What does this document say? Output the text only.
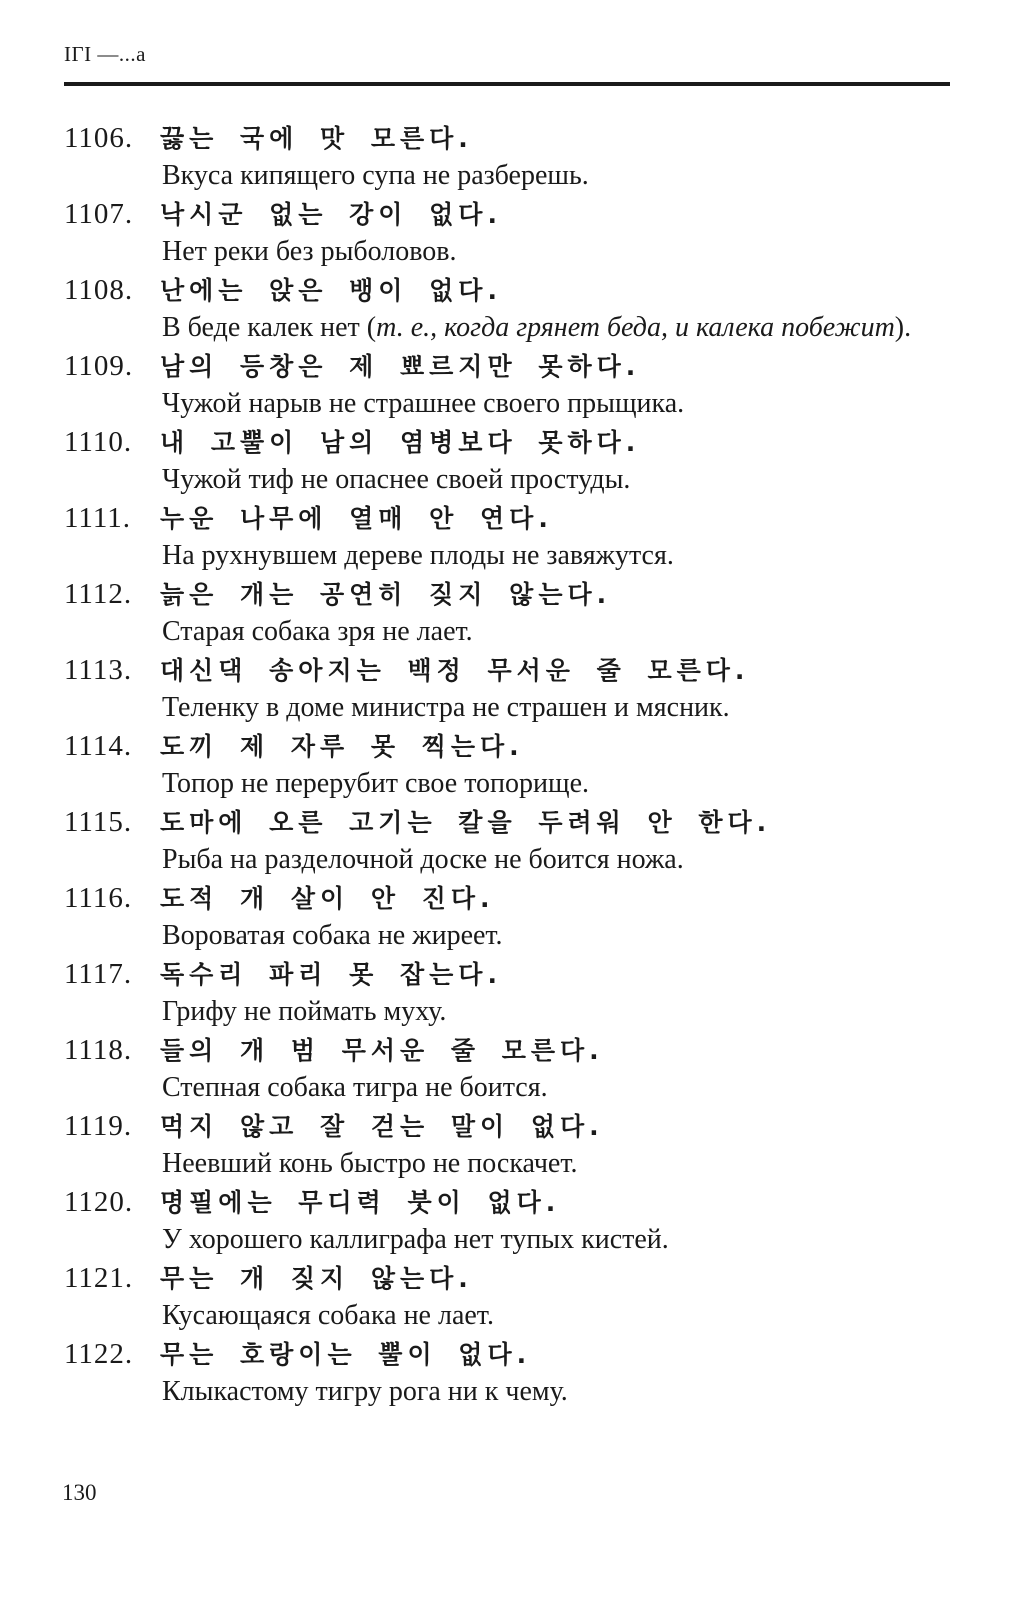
IΓI —...a
1106.	끓는 국에 맛 모른다.
Вкуса кипящего супа не разберешь.
1107.	낙시군 없는 강이 없다.
Нет реки без рыболовов.
1108.	난에는 앉은 뱅이 없다.
В беде калек нет (т. е., когда грянет беда, и калека побежит).
1109.	남의 등창은 제 뾰르지만 못하다.
Чужой нарыв не страшнее своего прыщика.
1110.	내 고뿔이 남의 염병보다 못하다.
Чужой тиф не опаснее своей простуды.
1111.	누운 나무에 열매 안 연다.
На рухнувшем дереве плоды не завяжутся.
1112.	늙은 개는 공연히 짖지 않는다.
Старая собака зря не лает.
1113.	대신댁 송아지는 백정 무서운 줄 모른다.
Теленку в доме министра не страшен и мясник.
1114.	도끼 제 자루 못 찍는다.
Топор не перерубит свое топорище.
1115.	도마에 오른 고기는 칼을 두려워 안 한다.
Рыба на разделочной доске не боится ножа.
1116.	도적 개 살이 안 진다.
Вороватая собака не жиреет.
1117.	독수리 파리 못 잡는다.
Грифу не поймать муху.
1118.	들의 개 범 무서운 줄 모른다.
Степная собака тигра не боится.
1119.	먹지 않고 잘 걷는 말이 없다.
Неевший конь быстро не поскачет.
1120.	명필에는 무디력 붓이 없다.
У хорошего каллиграфа нет тупых кистей.
1121.	무는 개 짖지 않는다.
Кусающаяся собака не лает.
1122.	무는 호랑이는 뿔이 없다.
Клыкастому тигру рога ни к чему.
130
